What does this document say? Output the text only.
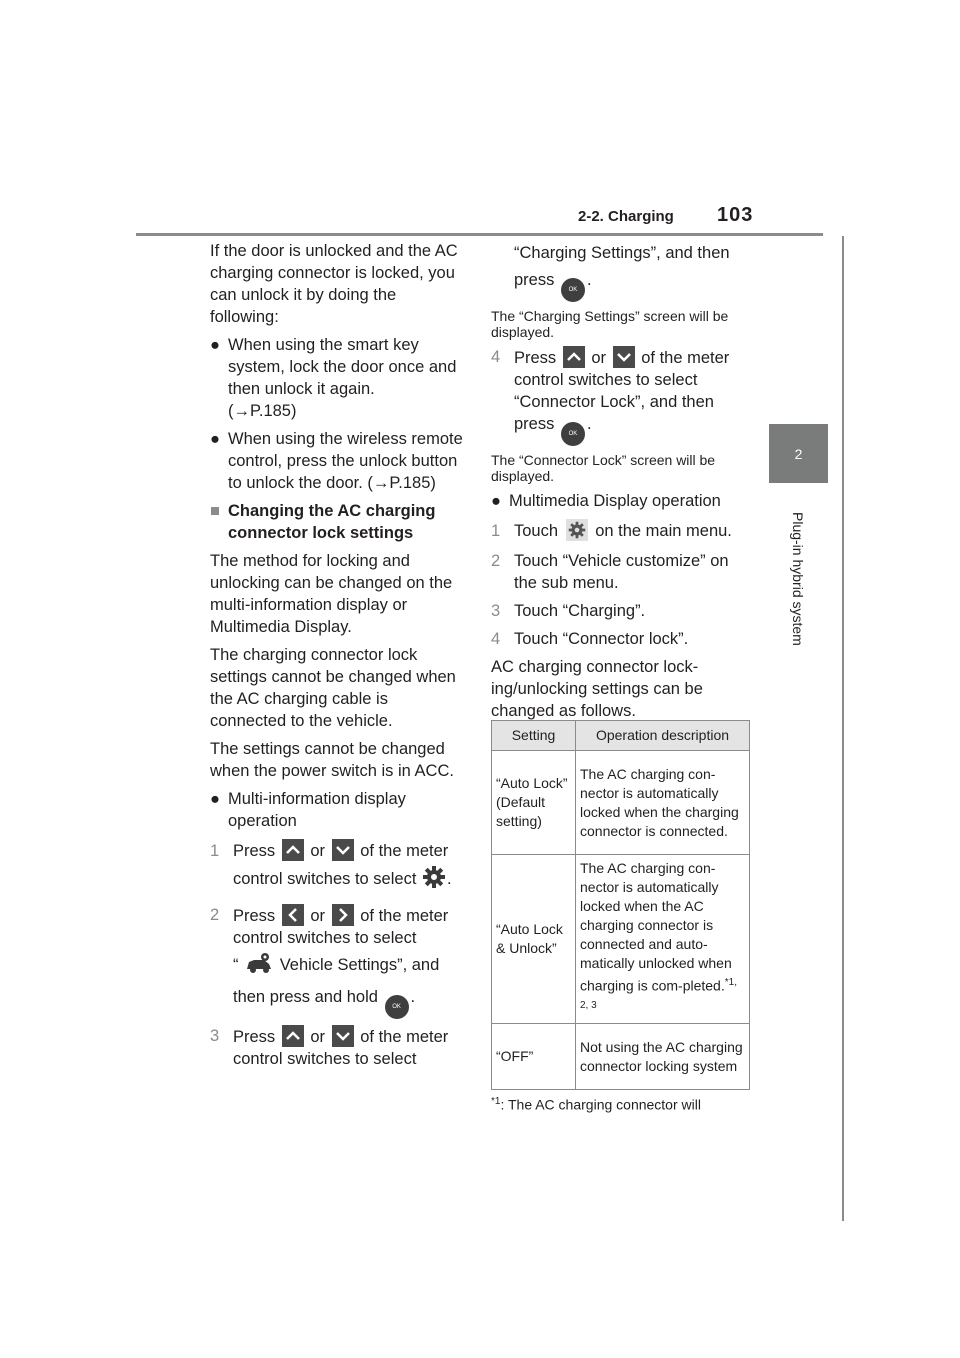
2-2. Charging 103
2
Plug-in hybrid system

If the door is unlocked and the AC charging connector is locked, you can unlock it by doing the following:

● When using the smart key system, lock the door once and then unlock it again.
(→P.185)
● When using the wireless remote control, press the unlock button to unlock the door. (→P.185)
■ Changing the AC charging connector lock settings

The method for locking and unlocking can be changed on the multi-information display or Multimedia Display.

The charging connector lock settings cannot be changed when the AC charging cable is connected to the vehicle.

The settings cannot be changed when the power switch is in ACC.

● Multi-information display operation
1 Press or of the meter control switches to select .
2 Press or of the meter control switches to select
“ Vehicle Settings”, and then press and hold OK.
3 Press or of the meter control switches to select
“Charging Settings”, and then press OK.

The “Charging Settings” screen will be displayed.

4 Press or of the meter control switches to select “Connector Lock”, and then press OK.

The “Connector Lock” screen will be displayed.

● Multimedia Display operation
1 Touch on the main menu.
2 Touch “Vehicle customize” on the sub menu.
3 Touch “Charging”.
4 Touch “Connector lock”.

AC charging connector lock-ing/unlocking settings can be changed as follows.

Setting	Operation description
“Auto Lock” (Default setting)	The AC charging con-nector is automatically locked when the charging connector is connected.
“Auto Lock & Unlock”	The AC charging con-nector is automatically locked when the AC charging connector is connected and auto-matically unlocked when charging is com-pleted.$^{*1, 2, 3}$
“OFF”	Not using the AC charging connector locking system
$^{*1}$: The AC charging connector will
